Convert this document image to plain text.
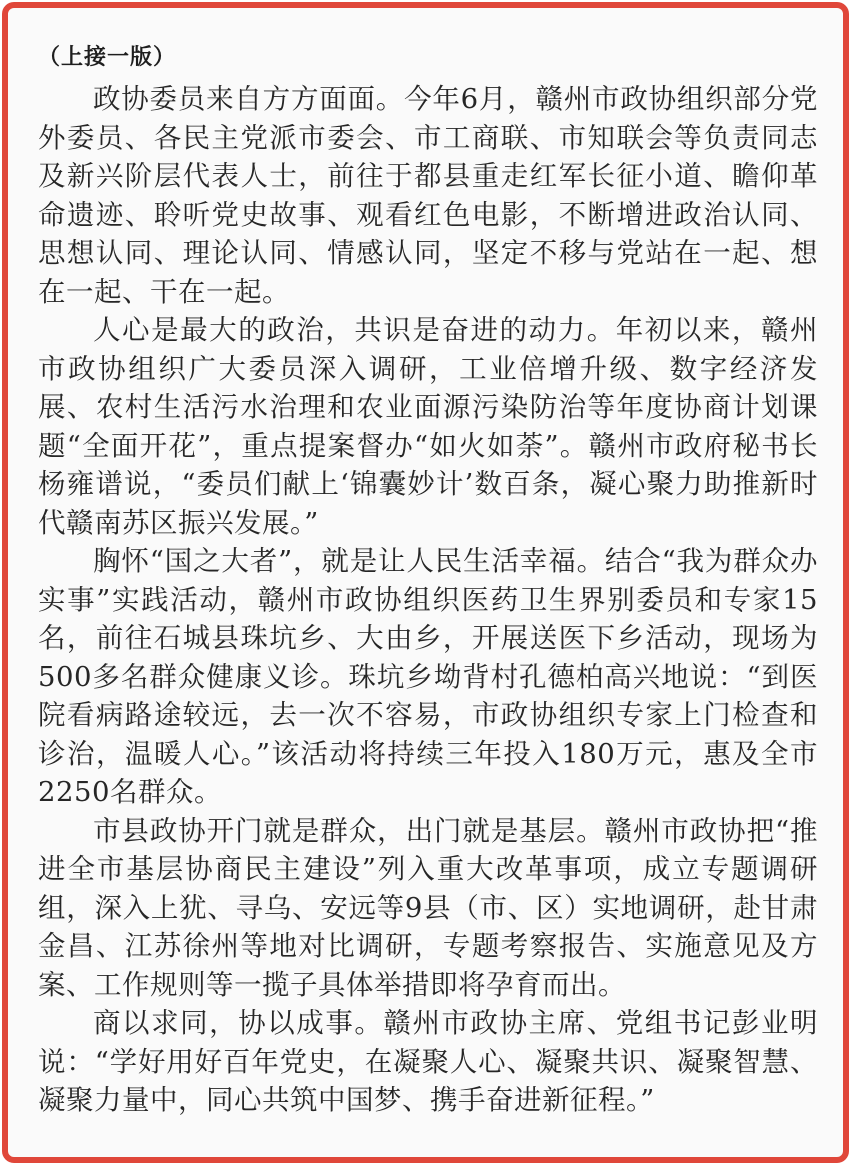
（上接一版）

政协委员来自方方面面。今年6月，赣州市政协组织部分党外委员、各民主党派市委会、市工商联、市知联会等负责同志及新兴阶层代表人士，前往于都县重走红军长征小道、瞻仰革命遗迹、聆听党史故事、观看红色电影，不断增进政治认同、思想认同、理论认同、情感认同，坚定不移与党站在一起、想在一起、干在一起。

人心是最大的政治，共识是奋进的动力。年初以来，赣州市政协组织广大委员深入调研，工业倍增升级、数字经济发展、农村生活污水治理和农业面源污染防治等年度协商计划课题“全面开花”，重点提案督办“如火如荼”。赣州市政府秘书长杨雍谱说，“委员们献上‘锦囊妙计’数百条，凝心聚力助推新时代赣南苏区振兴发展。”

胸怀“国之大者”，就是让人民生活幸福。结合“我为群众办实事”实践活动，赣州市政协组织医药卫生界别委员和专家15名，前往石城县珠坑乡、大由乡，开展送医下乡活动，现场为500多名群众健康义诊。珠坑乡坳背村孔德柏高兴地说：“到医院看病路途较远，去一次不容易，市政协组织专家上门检查和诊治，温暖人心。”该活动将持续三年投入180万元，惠及全市2250名群众。

市县政协开门就是群众，出门就是基层。赣州市政协把“推进全市基层协商民主建设”列入重大改革事项，成立专题调研组，深入上犹、寻乌、安远等9县（市、区）实地调研，赴甘肃金昌、江苏徐州等地对比调研，专题考察报告、实施意见及方案、工作规则等一揽子具体举措即将孕育而出。

商以求同，协以成事。赣州市政协主席、党组书记彭业明说：“学好用好百年党史，在凝聚人心、凝聚共识、凝聚智慧、凝聚力量中，同心共筑中国梦、携手奋进新征程。”
